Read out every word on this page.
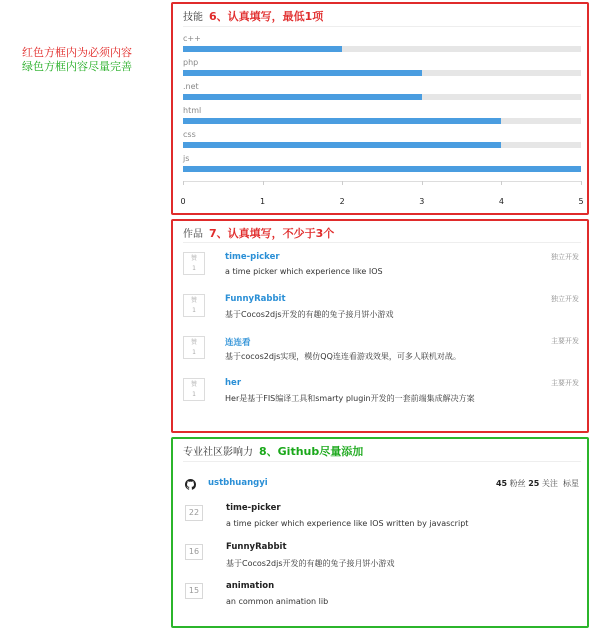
红色方框内为必须内容
绿色方框内容尽量完善
技能 6、认真填写，最低1项
c++
php
.net
html
css
js
0	1	2	3	4	5
作品 7、认真填写，不少于3个
赞
1
time-picker
a time picker which experience like IOS
独立开发
赞
1
FunnyRabbit
基于Cocos2djs开发的有趣的兔子接月饼小游戏
独立开发
赞
1
连连看
基于cocos2djs实现，模仿QQ连连看游戏效果，可多人联机对战。
主要开发
赞
1
her
Her是基于FIS编译工具和smarty plugin开发的一套前端集成解决方案
主要开发
专业社区影响力 8、Github尽量添加
ustbhuangyi	45 粉丝 25 关注 标星
22	time-picker
a time picker which experience like IOS written by javascript
16	FunnyRabbit
基于Cocos2djs开发的有趣的兔子接月饼小游戏
15	animation
an common animation lib
